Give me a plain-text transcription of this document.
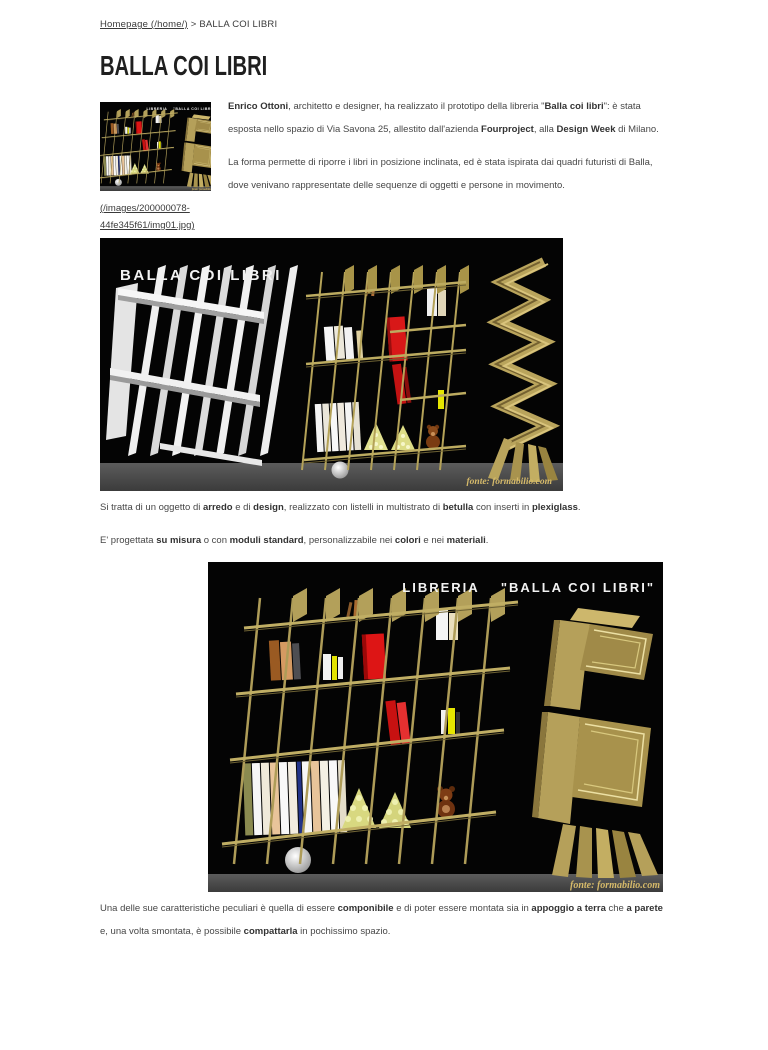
Homepage (/home/) > BALLA COI LIBRI
BALLA COI LIBRI
(/images/200000078-44fe345f61/img01.jpg)

Enrico Ottoni, architetto e designer, ha realizzato il prototipo della libreria "Balla coi libri": è stata esposta nello spazio di Via Savona 25, allestito dall'azienda Fourproject, alla Design Week di Milano.

La forma permette di riporre i libri in posizione inclinata, ed è stata ispirata dai quadri futuristi di Balla, dove venivano rappresentate delle sequenze di oggetti e persone in movimento.

Si tratta di un oggetto di arredo e di design, realizzato con listelli in multistrato di betulla con inserti in plexiglass.

E' progettata su misura o con moduli standard, personalizzabile nei colori e nei materiali.

Una delle sue caratteristiche peculiari è quella di essere componibile e di poter essere montata sia in appoggio a terra che a parete e, una volta smontata, è possibile compattarla in pochissimo spazio.
